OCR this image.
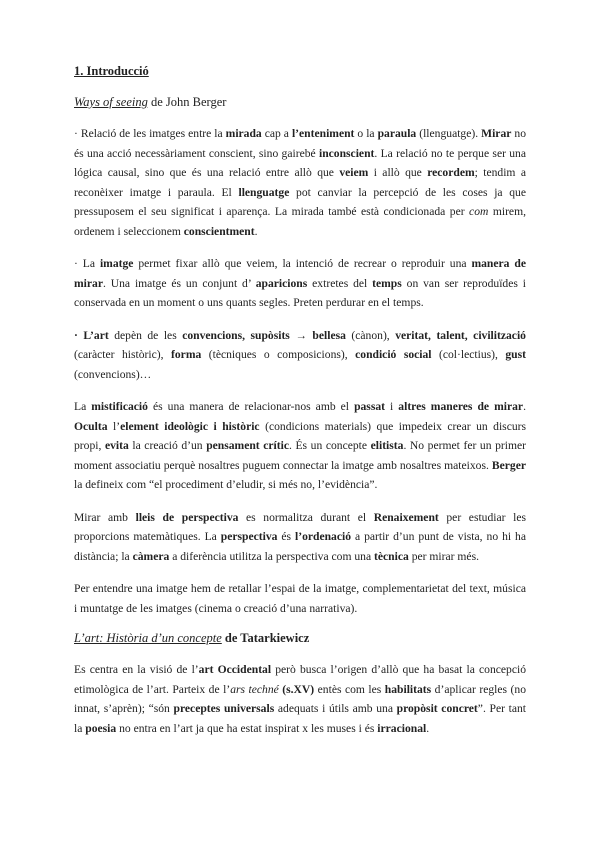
1. Introducció
Ways of seeing de John Berger
· Relació de les imatges entre la mirada cap a l’enteniment o la paraula (llenguatge). Mirar no és una acció necessàriament conscient, sino gairebé inconscient. La relació no te perque ser una lógica causal, sino que és una relació entre allò que veiem i allò que recordem; tendim a reconèixer imatge i paraula. El llenguatge pot canviar la percepció de les coses ja que pressuposem el seu significat i aparença. La mirada també està condicionada per com mirem, ordenem i seleccionem conscientment.
· La imatge permet fixar allò que veiem, la intenció de recrear o reproduir una manera de mirar. Una imatge és un conjunt d’ aparicions extretes del temps on van ser reproduïdes i conservada en un moment o uns quants segles. Preten perdurar en el temps.
· L’art depèn de les convencions, supòsits → bellesa (cànon), veritat, talent, civilització (caràcter històric), forma (tècniques o composicions), condició social (col·lectius), gust (convencions)…
La mistificació és una manera de relacionar-nos amb el passat i altres maneres de mirar. Oculta l’element ideològic i històric (condicions materials) que impedeix crear un discurs propi, evita la creació d’un pensament crític. És un concepte elitista. No permet fer un primer moment associatiu perquè nosaltres puguem connectar la imatge amb nosaltres mateixos. Berger la defineix com “el procediment d’eludir, si més no, l’evidència”.
Mirar amb lleis de perspectiva es normalitza durant el Renaixement per estudiar les proporcions matemàtiques. La perspectiva és l’ordenació a partir d’un punt de vista, no hi ha distància; la càmera a diferència utilitza la perspectiva com una tècnica per mirar més.
Per entendre una imatge hem de retallar l’espai de la imatge, complementarietat del text, música i muntatge de les imatges (cinema o creació d’una narrativa).
L’art: Història d’un concepte de Tatarkiewicz
Es centra en la visió de l’art Occidental però busca l’origen d’allò que ha basat la concepció etimològica de l’art. Parteix de l’ars techné (s.XV) entès com les habilitats d’aplicar regles (no innat, s’aprèn); “són preceptes universals adequats i útils amb una propòsit concret”. Per tant la poesia no entra en l’art ja que ha estat inspirat x les muses i és irracional.
